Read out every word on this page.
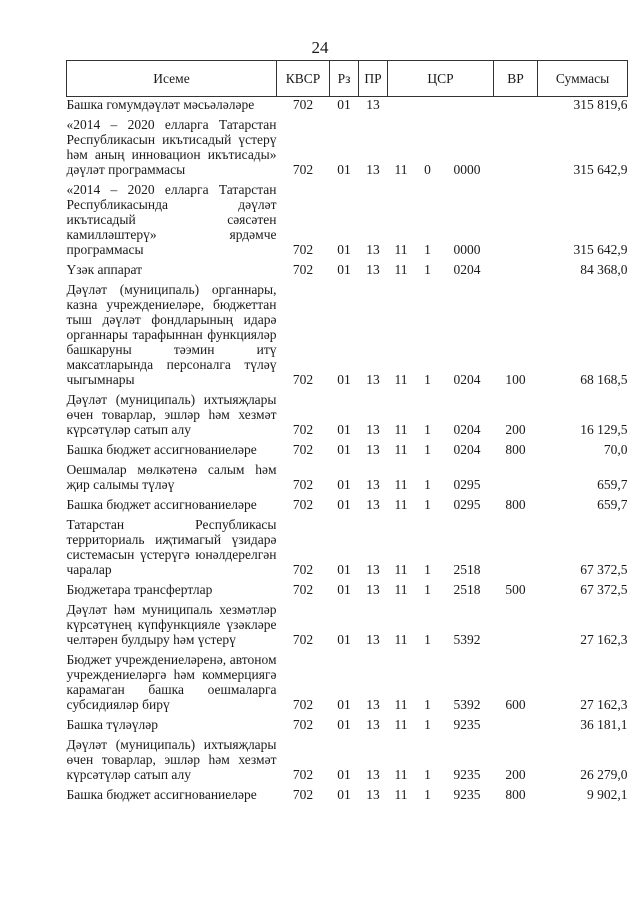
24
Исеме	КВСР	Рз	ПР	ЦСР			ВР	Суммасы
Башка гомумдәүләт мәсьәләләре	702	01	13					315 819,6
«2014 – 2020 елларга Татарстан Республикасын икътисадый үстерү һәм аның инновацион икътисады» дәүләт программасы	702	01	13	11	0	0000		315 642,9
«2014 – 2020 елларга Татарстан Республикасында дәүләт икътисадый сәясәтен камилләштерү» ярдәмче программасы	702	01	13	11	1	0000		315 642,9
Үзәк аппарат	702	01	13	11	1	0204		84 368,0
Дәүләт (муниципаль) органнары, казна учреждениеләре, бюджеттан тыш дәүләт фондларының идарә органнары тарафыннан функцияләр башкаруны тәэмин итү максатларында персоналга түләү чыгымнары	702	01	13	11	1	0204	100	68 168,5
Дәүләт (муниципаль) ихтыяҗлары өчен товарлар, эшләр һәм хезмәт күрсәтүләр сатып алу	702	01	13	11	1	0204	200	16 129,5
Башка бюджет ассигнованиеләре	702	01	13	11	1	0204	800	70,0
Оешмалар мөлкәтенә салым һәм җир салымы түләү	702	01	13	11	1	0295		659,7
Башка бюджет ассигнованиеләре	702	01	13	11	1	0295	800	659,7
Татарстан Республикасы территориаль иҗтимагый үзидарә системасын үстерүгә юнәлдерелгән чаралар	702	01	13	11	1	2518		67 372,5
Бюджетара трансфертлар	702	01	13	11	1	2518	500	67 372,5
Дәүләт һәм муниципаль хезмәтләр күрсәтүнең күпфункцияле үзәкләре челтәрен булдыру һәм үстерү	702	01	13	11	1	5392		27 162,3
Бюджет учреждениеләренә, автоном учреждениеләргә һәм коммерциягә карамаган башка оешмаларга субсидияләр бирү	702	01	13	11	1	5392	600	27 162,3
Башка түләүләр	702	01	13	11	1	9235		36 181,1
Дәүләт (муниципаль) ихтыяҗлары өчен товарлар, эшләр һәм хезмәт күрсәтүләр сатып алу	702	01	13	11	1	9235	200	26 279,0
Башка бюджет ассигнованиеләре	702	01	13	11	1	9235	800	9 902,1
